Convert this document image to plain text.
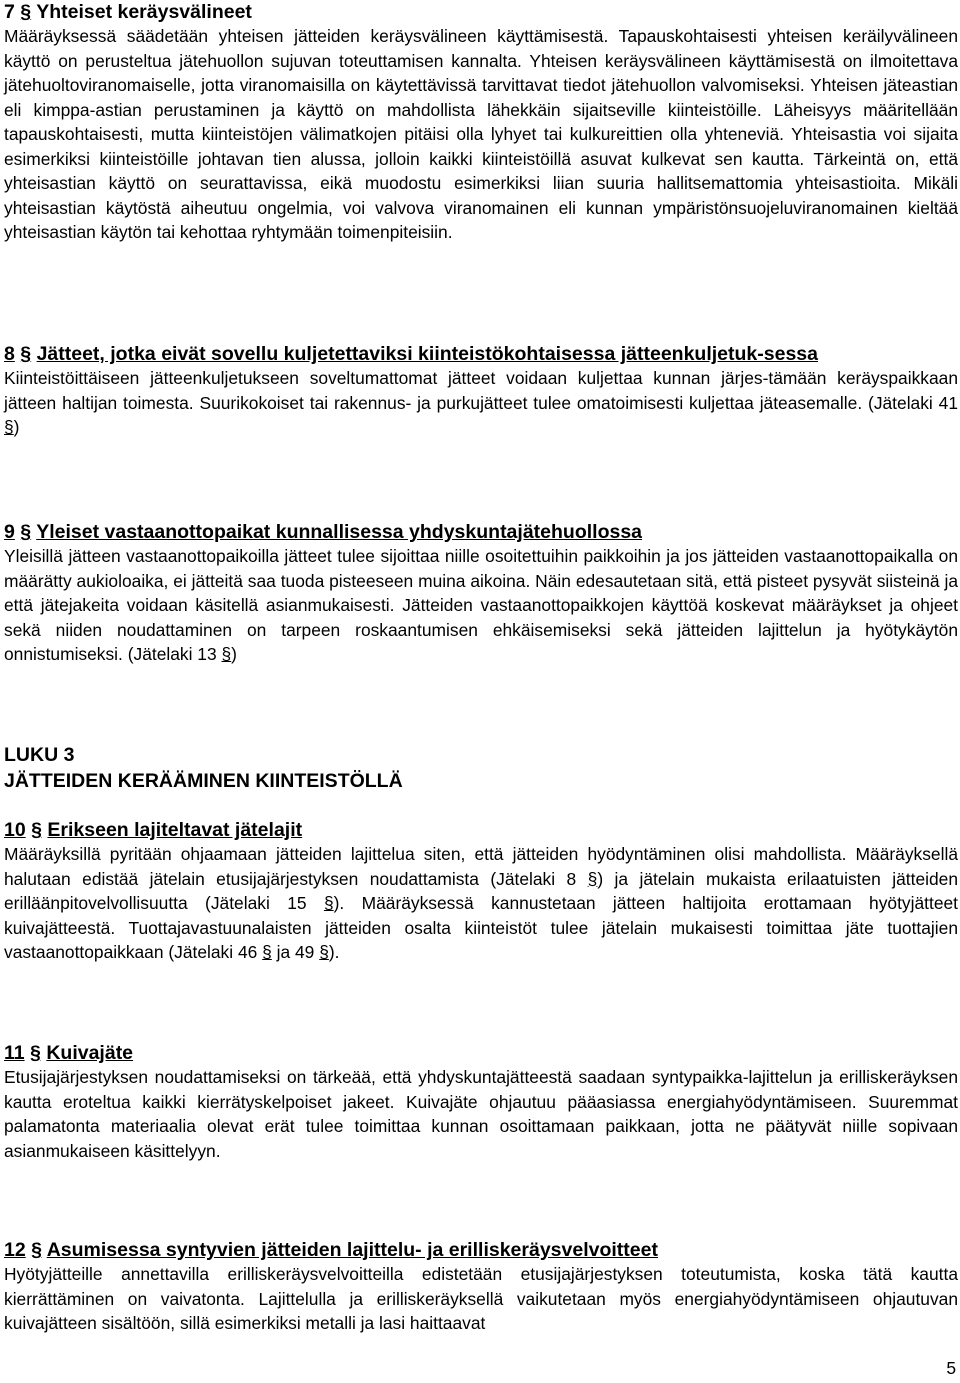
7 § Yhteiset keräysvälineet

Määräyksessä säädetään yhteisen jätteiden keräysvälineen käyttämisestä. Tapauskohtaisesti yhteisen keräilyvälineen käyttö on perusteltua jätehuollon sujuvan toteuttamisen kannalta. Yhteisen keräysvälineen käyttämisestä on ilmoitettava jätehuoltoviranomaiselle, jotta viranomaisilla on käytettävissä tarvittavat tiedot jätehuollon valvomiseksi. Yhteisen jäteastian eli kimppa-astian perustaminen ja käyttö on mahdollista lähekkäin sijaitseville kiinteistöille. Läheisyys määritellään tapauskohtaisesti, mutta kiinteistöjen välimatkojen pitäisi olla lyhyet tai kulkureittien olla yhteneviä. Yhteisastia voi sijaita esimerkiksi kiinteistöille johtavan tien alussa, jolloin kaikki kiinteistöillä asuvat kulkevat sen kautta. Tärkeintä on, että yhteisastian käyttö on seurattavissa, eikä muodostu esimerkiksi liian suuria hallitsemattomia yhteisastioita. Mikäli yhteisastian käytöstä aiheutuu ongelmia, voi valvova viranomainen eli kunnan ympäristönsuojeluviranomainen kieltää yhteisastian käytön tai kehottaa ryhtymään toimenpiteisiin.

8 § Jätteet, jotka eivät sovellu kuljetettaviksi kiinteistökohtaisessa jätteenkuljetuk-sessa

Kiinteistöittäiseen jätteenkuljetukseen soveltumattomat jätteet voidaan kuljettaa kunnan järjes-tämään keräyspaikkaan jätteen haltijan toimesta. Suurikokoiset tai rakennus- ja purkujätteet tulee omatoimisesti kuljettaa jäteasemalle. (Jätelaki 41 §)

9 § Yleiset vastaanottopaikat kunnallisessa yhdyskuntajätehuollossa

Yleisillä jätteen vastaanottopaikoilla jätteet tulee sijoittaa niille osoitettuihin paikkoihin ja jos jätteiden vastaanottopaikalla on määrätty aukioloaika, ei jätteitä saa tuoda pisteeseen muina aikoina. Näin edesautetaan sitä, että pisteet pysyvät siisteinä ja että jätejakeita voidaan käsitellä asianmukaisesti. Jätteiden vastaanottopaikkojen käyttöä koskevat määräykset ja ohjeet sekä niiden noudattaminen on tarpeen roskaantumisen ehkäisemiseksi sekä jätteiden lajittelun ja hyötykäytön onnistumiseksi. (Jätelaki 13 §)

LUKU 3

JÄTTEIDEN KERÄÄMINEN KIINTEISTÖLLÄ

10 § Erikseen lajiteltavat jätelajit

Määräyksillä pyritään ohjaamaan jätteiden lajittelua siten, että jätteiden hyödyntäminen olisi mahdollista. Määräyksellä halutaan edistää jätelain etusijajärjestyksen noudattamista (Jätelaki 8 §) ja jätelain mukaista erilaatuisten jätteiden erilläänpitovelvollisuutta (Jätelaki 15 §). Määräyksessä kannustetaan jätteen haltijoita erottamaan hyötyjätteet kuivajätteestä. Tuottajavastuunalaisten jätteiden osalta kiinteistöt tulee jätelain mukaisesti toimittaa jäte tuottajien vastaanottopaikkaan (Jätelaki 46 § ja 49 §).

11 § Kuivajäte

Etusijajärjestyksen noudattamiseksi on tärkeää, että yhdyskuntajätteestä saadaan syntypaikka-lajittelun ja erilliskeräyksen kautta eroteltua kaikki kierrätyskelpoiset jakeet. Kuivajäte ohjautuu pääasiassa energiahyödyntämiseen. Suuremmat palamatonta materiaalia olevat erät tulee toimittaa kunnan osoittamaan paikkaan, jotta ne päätyvät niille sopivaan asianmukaiseen käsittelyyn.

12 § Asumisessa syntyvien jätteiden lajittelu- ja erilliskeräysvelvoitteet

Hyötyjätteille annettavilla erilliskeräysvelvoitteilla edistetään etusijajärjestyksen toteutumista, koska tätä kautta kierrättäminen on vaivatonta. Lajittelulla ja erilliskeräyksellä vaikutetaan myös energiahyödyntämiseen ohjautuvan kuivajätteen sisältöön, sillä esimerkiksi metalli ja lasi haittaavat

5
